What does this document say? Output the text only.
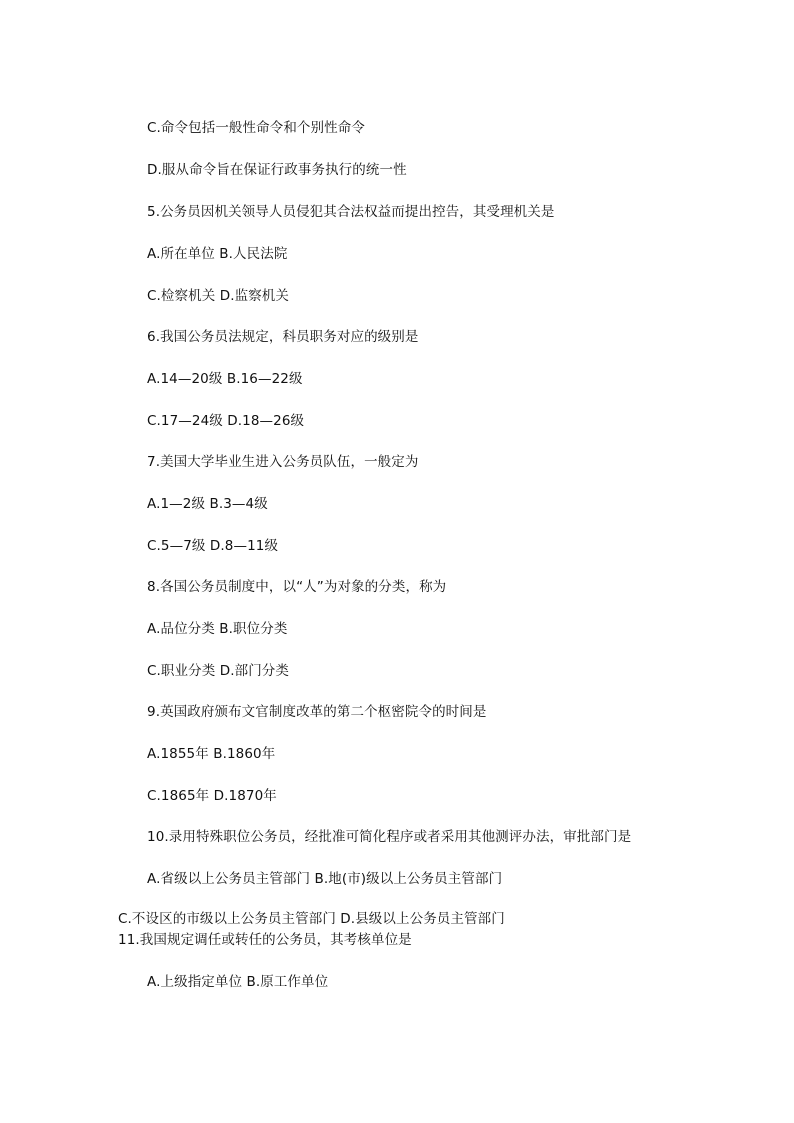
C.命令包括一般性命令和个别性命令
D.服从命令旨在保证行政事务执行的统一性
5.公务员因机关领导人员侵犯其合法权益而提出控告，其受理机关是
A.所在单位 B.人民法院
C.检察机关 D.监察机关
6.我国公务员法规定，科员职务对应的级别是
A.14—20级 B.16—22级
C.17—24级 D.18—26级
7.美国大学毕业生进入公务员队伍，一般定为
A.1—2级 B.3—4级
C.5—7级 D.8—11级
8.各国公务员制度中，以“人”为对象的分类，称为
A.品位分类 B.职位分类
C.职业分类 D.部门分类
9.英国政府颁布文官制度改革的第二个枢密院令的时间是
A.1855年 B.1860年
C.1865年 D.1870年
10.录用特殊职位公务员，经批准可简化程序或者采用其他测评办法，审批部门是
A.省级以上公务员主管部门 B.地(市)级以上公务员主管部门
C.不设区的市级以上公务员主管部门 D.县级以上公务员主管部门
11.我国规定调任或转任的公务员，其考核单位是
A.上级指定单位 B.原工作单位
